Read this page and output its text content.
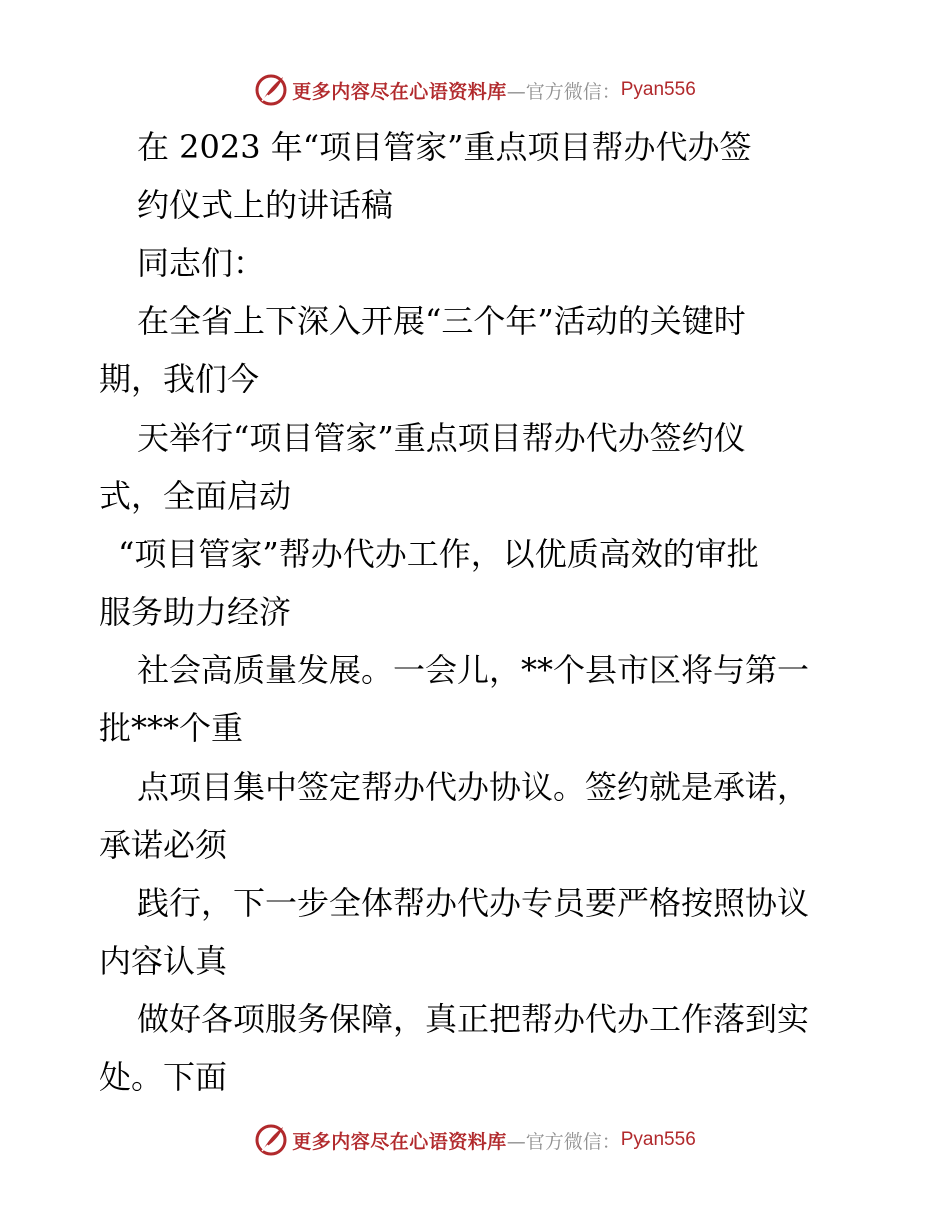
更多内容尽在心语资料库 —官方微信： Pyan556
在 2023 年“项目管家”重点项目帮办代办签
约仪式上的讲话稿
同志们：
在全省上下深入开展“三个年”活动的关键时
期，我们今
天举行“项目管家”重点项目帮办代办签约仪
式，全面启动
“项目管家”帮办代办工作，以优质高效的审批
服务助力经济
社会高质量发展。一会儿，**个县市区将与第一
批***个重
点项目集中签定帮办代办协议。签约就是承诺，
承诺必须
践行，下一步全体帮办代办专员要严格按照协议
内容认真
做好各项服务保障，真正把帮办代办工作落到实
处。下面
更多内容尽在心语资料库 —官方微信： Pyan556
